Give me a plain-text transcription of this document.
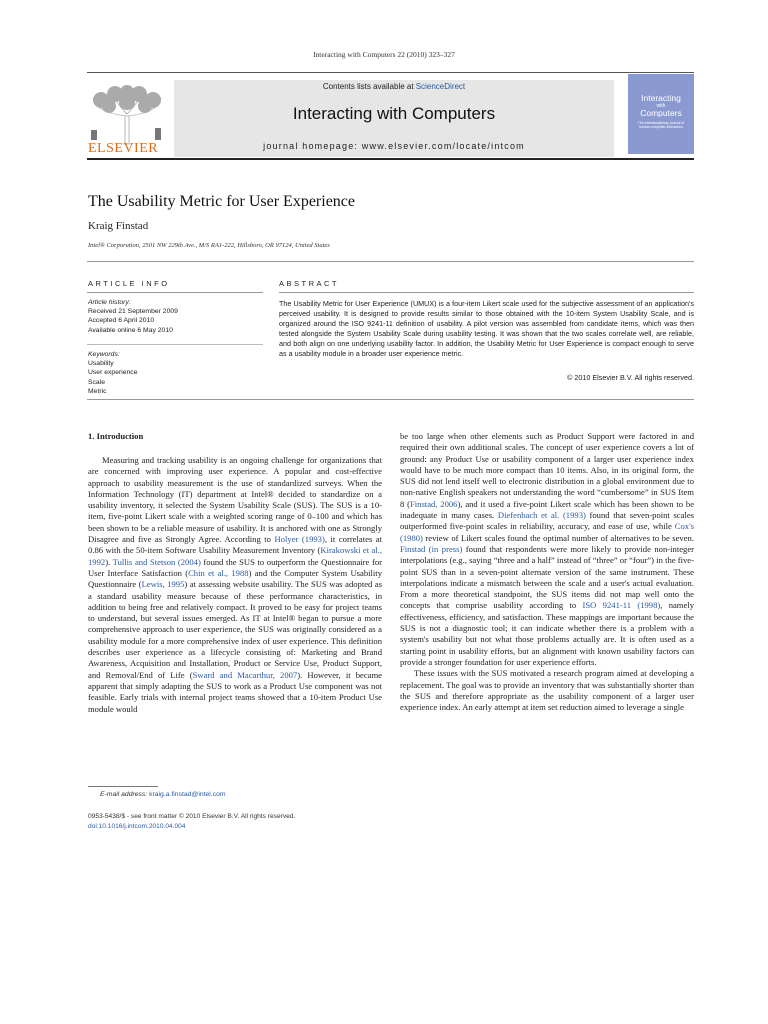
Interacting with Computers 22 (2010) 323–327
ELSEVIER
Contents lists available at ScienceDirect
Interacting with Computers
journal homepage: www.elsevier.com/locate/intcom
Interacting
with
Computers
The interdisciplinary journal of human-computer interaction
The Usability Metric for User Experience
Kraig Finstad
Intel® Corporation, 2501 NW 229th Ave., M/S RA1-222, Hillsboro, OR 97124, United States
ARTICLE INFO
Article history:
Received 21 September 2009
Accepted 6 April 2010
Available online 6 May 2010
Keywords:
Usability
User experience
Scale
Metric
ABSTRACT
The Usability Metric for User Experience (UMUX) is a four-item Likert scale used for the subjective assessment of an application's perceived usability. It is designed to provide results similar to those obtained with the 10-item System Usability Scale, and is organized around the ISO 9241-11 definition of usability. A pilot version was assembled from candidate items, which was then tested alongside the System Usability Scale during usability testing. It was shown that the two scales correlate well, are reliable, and both align on one underlying usability factor. In addition, the Usability Metric for User Experience is compact enough to serve as a usability module in a broader user experience metric.
© 2010 Elsevier B.V. All rights reserved.
1. Introduction

Measuring and tracking usability is an ongoing challenge for organizations that are concerned with improving user experience. A popular and cost-effective approach to usability measurement is the use of standardized surveys. When the Information Technology (IT) department at Intel® decided to standardize on a usability inventory, it selected the System Usability Scale (SUS). The SUS is a 10-item, five-point Likert scale with a weighted scoring range of 0–100 and which has been shown to be a reliable measure of usability. It is anchored with one as Strongly Disagree and five as Strongly Agree. According to Holyer (1993), it correlates at 0.86 with the 50-item Software Usability Measurement Inventory (Kirakowski et al., 1992). Tullis and Stetson (2004) found the SUS to outperform the Questionnaire for User Interface Satisfaction (Chin et al., 1988) and the Computer System Usability Questionnaire (Lewis, 1995) at assessing website usability. The SUS was adopted as a standard usability measure because of these performance characteristics, in addition to being free and relatively compact. It proved to be easy for project teams to understand, but several issues emerged. As IT at Intel® began to pursue a more comprehensive approach to user experience, the SUS was originally considered as a usability module for a more comprehensive index of user experience. This definition describes user experience as a lifecycle consisting of: Marketing and Brand Awareness, Acquisition and Installation, Product or Service Use, Product Support, and Removal/End of Life (Sward and Macarthur, 2007). However, it became apparent that simply adapting the SUS to work as a Product Use component was not feasible. Early trials with internal project teams showed that a 10-item Product Use module would

be too large when other elements such as Product Support were factored in and required their own additional scales. The concept of user experience covers a lot of ground: any Product Use or usability component of a larger user experience index would have to be much more compact than 10 items. Also, in its original form, the SUS did not lend itself well to electronic distribution in a global environment due to non-native English speakers not understanding the word “cumbersome” in SUS Item 8 (Finstad, 2006), and it used a five-point Likert scale which has been shown to be inadequate in many cases. Diefenbach et al. (1993) found that seven-point scales outperformed five-point scales in reliability, accuracy, and ease of use, while Cox's (1980) review of Likert scales found the optimal number of alternatives to be seven. Finstad (in press) found that respondents were more likely to provide non-integer interpolations (e.g., saying “three and a half” instead of “three” or “four”) in the five-point SUS than in a seven-point alternate version of the same instrument. These interpolations indicate a mismatch between the scale and a user's actual evaluation. From a more theoretical standpoint, the SUS items did not map well onto the concepts that comprise usability according to ISO 9241-11 (1998), namely effectiveness, efficiency, and satisfaction. These mappings are important because the SUS is not a diagnostic tool; it can indicate whether there is a problem with a system's usability but not what those problems actually are. It is often used as a starting point in usability efforts, but an alignment with known usability factors can provide a stronger foundation for user experience efforts.

These issues with the SUS motivated a research program aimed at developing a replacement. The goal was to provide an inventory that was substantially shorter than the SUS and therefore appropriate as the usability component of a larger user experience index. An early attempt at item set reduction aimed to leverage a single

E-mail address: kraig.a.finstad@intel.com
0953-5438/$ - see front matter © 2010 Elsevier B.V. All rights reserved.
doi:10.1016/j.intcom.2010.04.004
